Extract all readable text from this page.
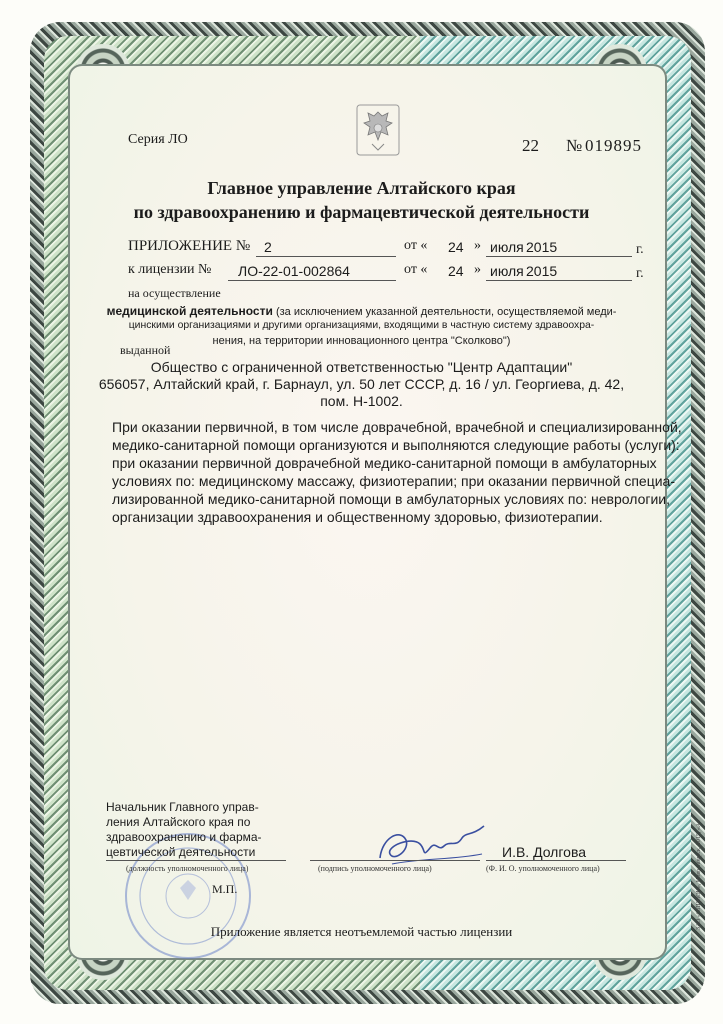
Серия ЛО	22 № 019895
Главное управление Алтайского края
по здравоохранению и фармацевтической деятельности
ПРИЛОЖЕНИЕ № 2	от « 24 » июля 2015	г.
к лицензии № ЛО-22-01-002864	от « 24 » июля 2015	г.
на осуществление
медицинской деятельности (за исключением указанной деятельности, осуществляемой меди-
цинскими организациями и другими организациями, входящими в частную систему здравоохра-
нения, на территории инновационного центра "Сколково")
выданной
Общество с ограниченной ответственностью "Центр Адаптации"
656057, Алтайский край, г. Барнаул, ул. 50 лет СССР, д. 16 / ул. Георгиева, д. 42,
пом. Н-1002.
При оказании первичной, в том числе доврачебной, врачебной и специализированной,
медико-санитарной помощи организуются и выполняются следующие работы (услуги):
при оказании первичной доврачебной медико-санитарной помощи в амбулаторных
условиях по: медицинскому массажу, физиотерапии; при оказании первичной специа-
лизированной медико-санитарной помощи в амбулаторных условиях по: неврологии,
организации здравоохранения и общественному здоровью, физиотерапии.
Начальник Главного управ-
ления Алтайского края по
здравоохранению и фарма-
цевтической деятельности
(должность уполномоченного лица)	(подпись уполномоченного лица)
И.В. Долгова
(Ф. И. О. уполномоченного лица)
М.П.
Приложение является неотъемлемой частью лицензии
ЗАО «ОПЦИОН», Новосибирск, 2015, «А»
